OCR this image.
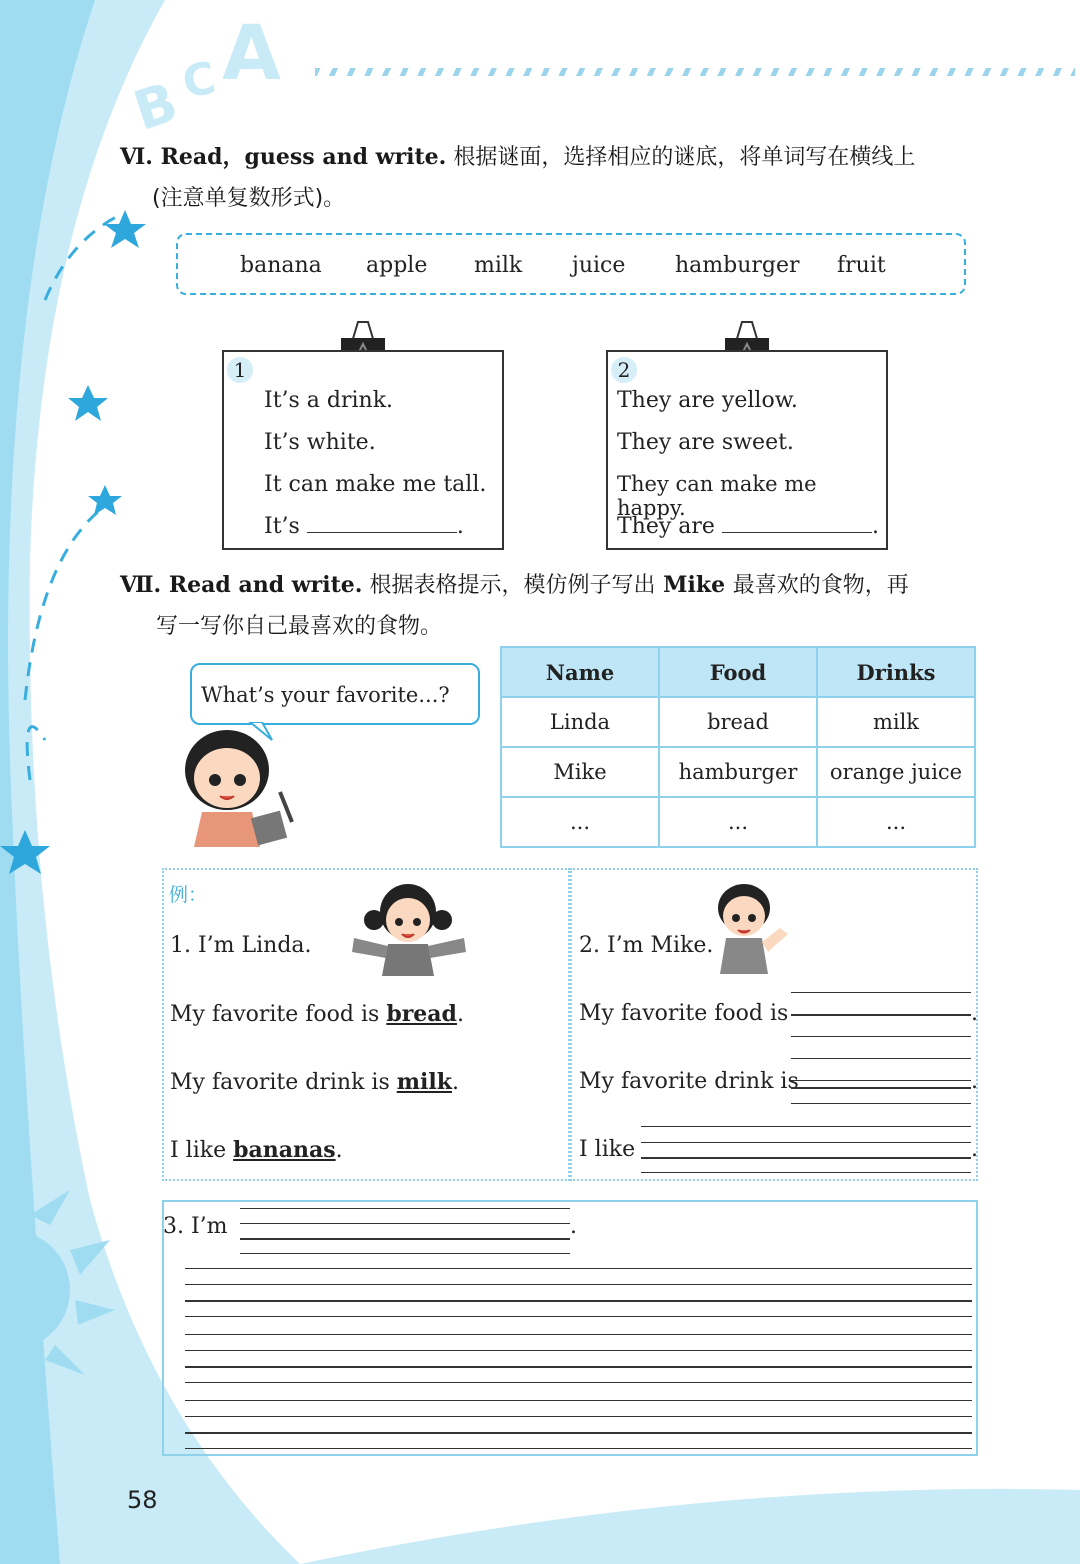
B
C A
Ⅵ. Read，guess and write. 根据谜面，选择相应的谜底，将单词写在横线上
(注意单复数形式)。
banana apple milk juice hamburger fruit
1
It’s a drink.
It’s white.
It can make me tall.
It’s	.
2
They are yellow.
They are sweet.
They can make me happy.
They are	.
Ⅶ. Read and write. 根据表格提示，模仿例子写出 Mike 最喜欢的食物，再
写一写你自己最喜欢的食物。
What’s your favorite...?
Name	Food	Drinks
Linda	bread	milk
Mike	hamburger	orange juice
...	...	...
例：
1. I’m Linda.
My favorite food is bread.
My favorite drink is milk.
I like bananas.
2. I’m Mike.
My favorite food is	.
My favorite drink is	.
I like	.
3. I’m	.
58
